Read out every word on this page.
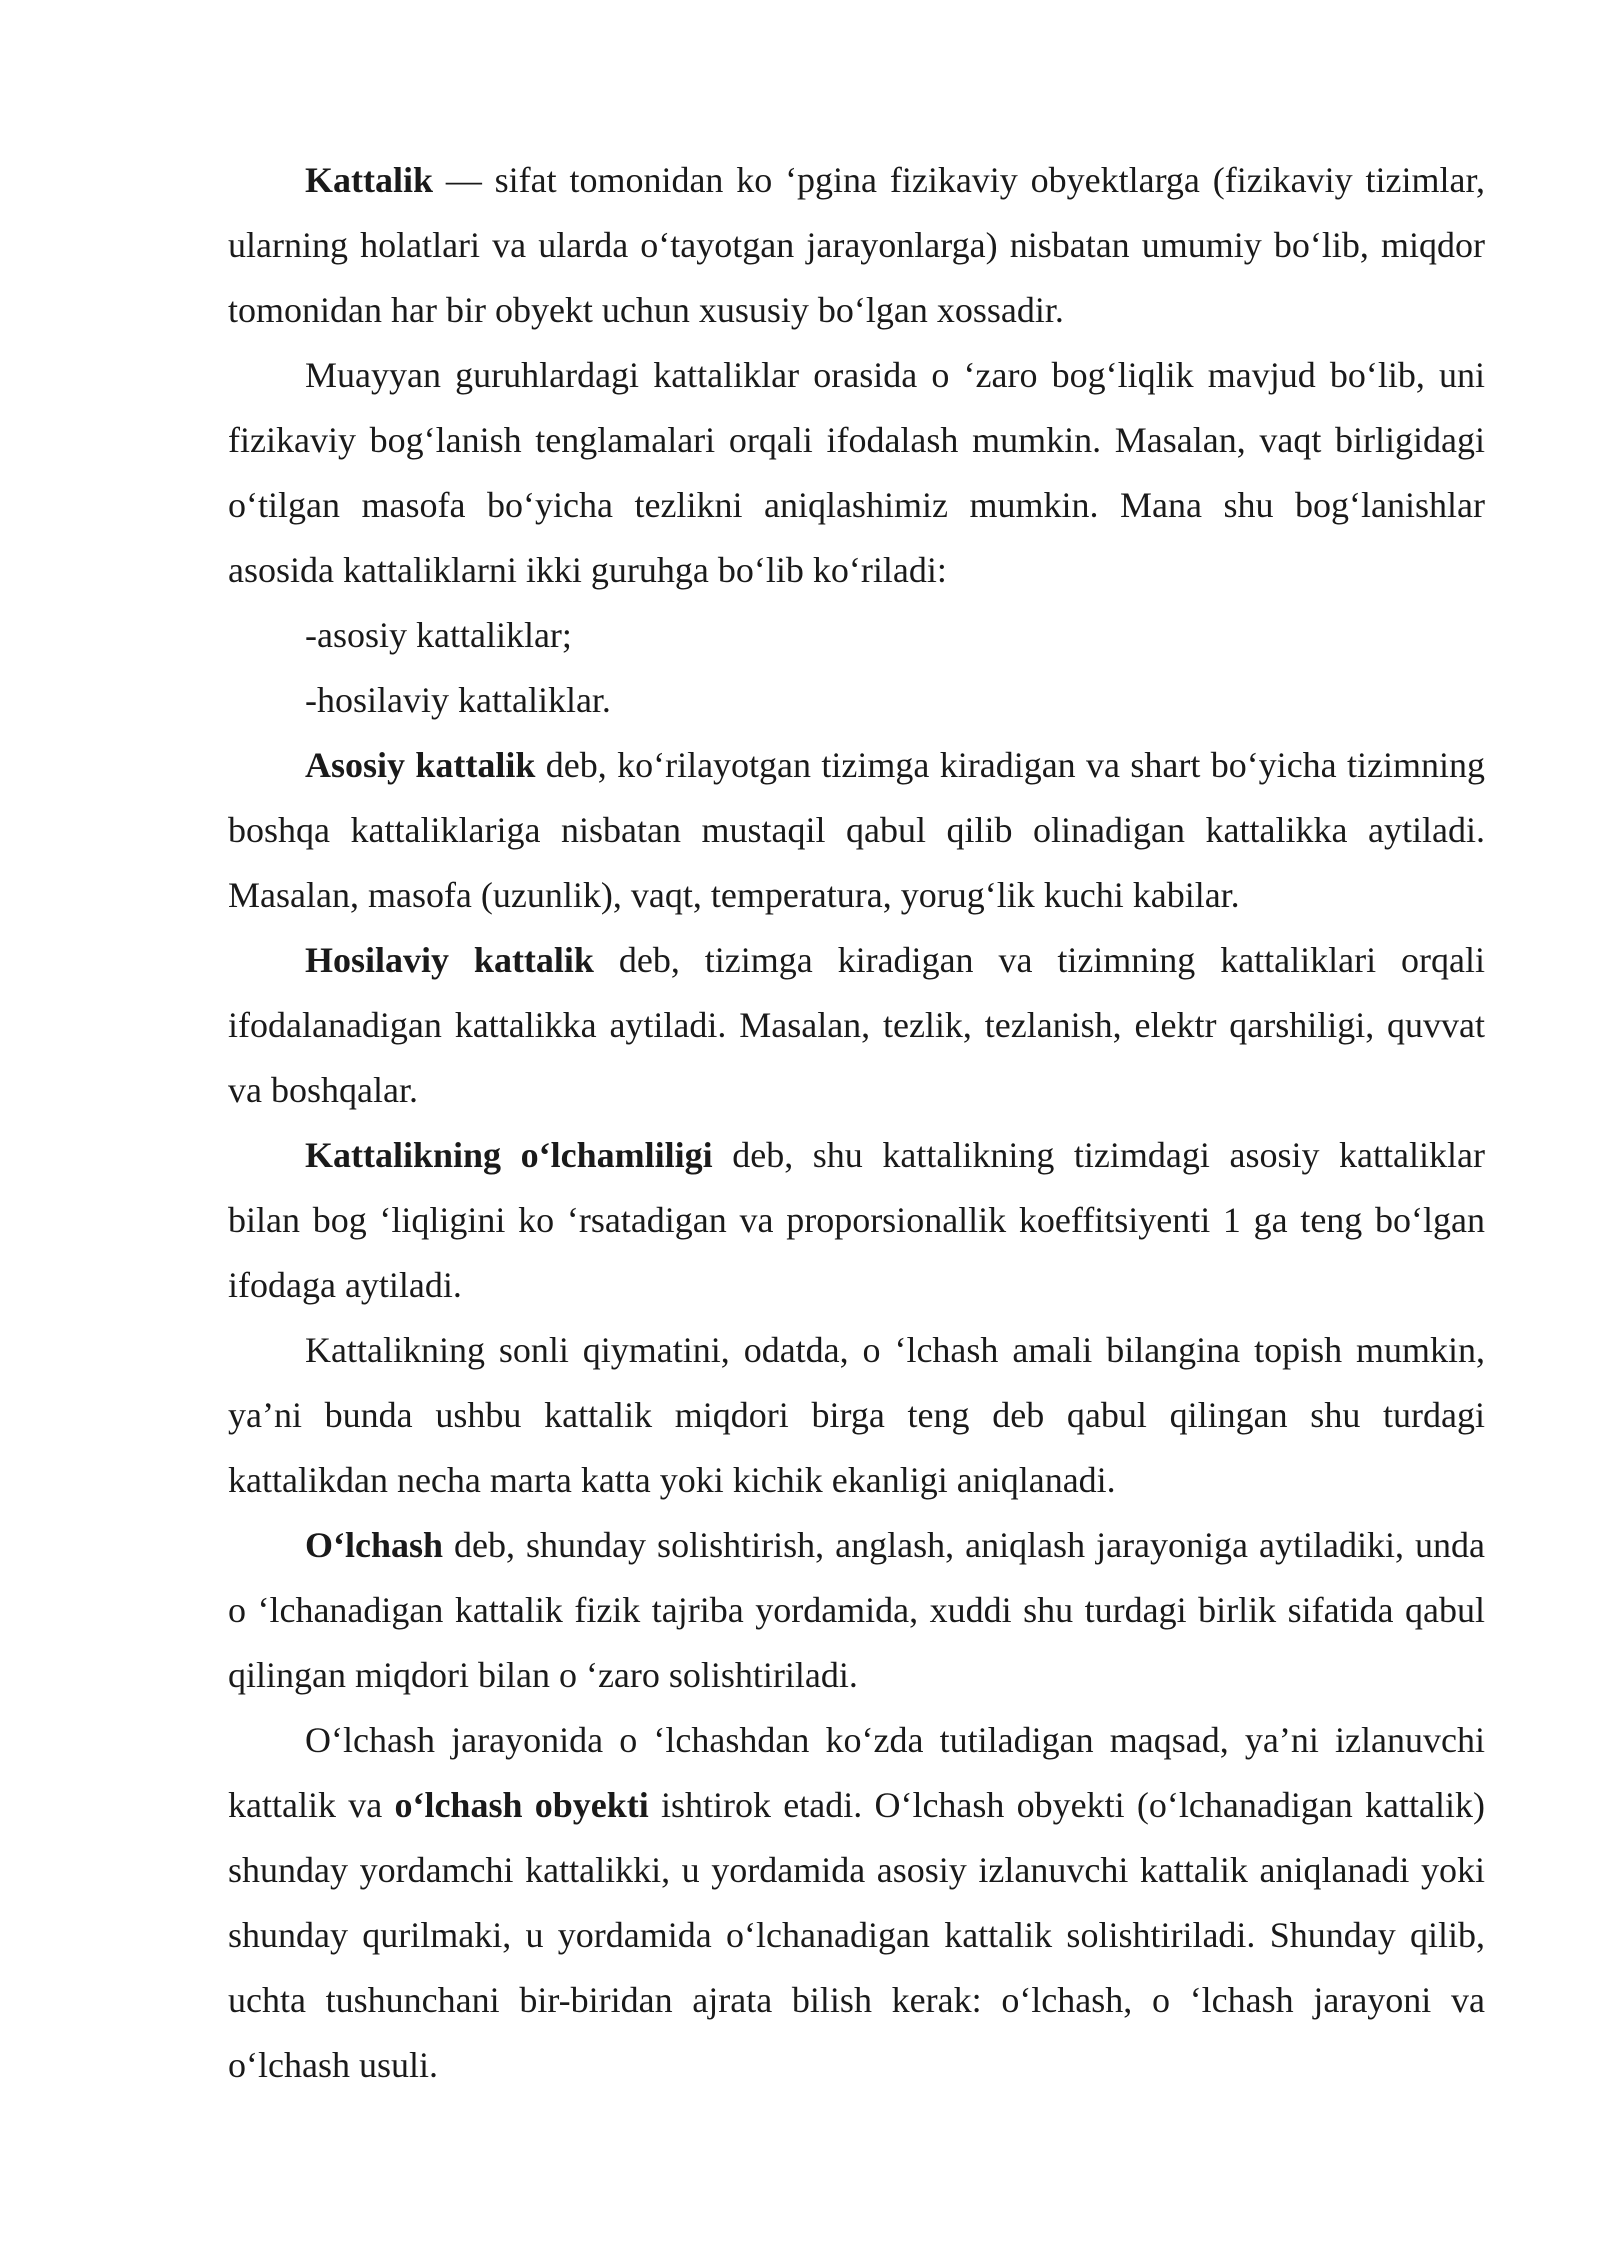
Kattalik — sifat tomonidan ko ‘pgina fizikaviy obyektlarga (fizikaviy tizimlar, ularning holatlari va ularda o‘tayotgan jarayonlarga) nisbatan umumiy bo‘lib, miqdor tomonidan har bir obyekt uchun xususiy bo‘lgan xossadir.

Muayyan guruhlardagi kattaliklar orasida o ‘zaro bog‘liqlik mavjud bo‘lib, uni fizikaviy bog‘lanish tenglamalari orqali ifodalash mumkin. Masalan, vaqt birligidagi o‘tilgan masofa bo‘yicha tezlikni aniqlashimiz mumkin. Mana shu bog‘lanishlar asosida kattaliklarni ikki guruhga bo‘lib ko‘riladi:

-asosiy kattaliklar;

-hosilaviy kattaliklar.

Asosiy kattalik deb, ko‘rilayotgan tizimga kiradigan va shart bo‘yicha tizimning boshqa kattaliklariga nisbatan mustaqil qabul qilib olinadigan kattalikka aytiladi. Masalan, masofa (uzunlik), vaqt, temperatura, yorug‘lik kuchi kabilar.

Hosilaviy kattalik deb, tizimga kiradigan va tizimning kattaliklari orqali ifodalanadigan kattalikka aytiladi. Masalan, tezlik, tezlanish, elektr qarshiligi, quvvat va boshqalar.

Kattalikning o‘lchamliligi deb, shu kattalikning tizimdagi asosiy kattaliklar bilan bog ‘liqligini ko ‘rsatadigan va proporsionallik koeffitsiyenti 1 ga teng bo‘lgan ifodaga aytiladi.

Kattalikning sonli qiymatini, odatda, o ‘lchash amali bilangina topish mumkin, ya’ni bunda ushbu kattalik miqdori birga teng deb qabul qilingan shu turdagi kattalikdan necha marta katta yoki kichik ekanligi aniqlanadi.

O‘lchash deb, shunday solishtirish, anglash, aniqlash jarayoniga aytiladiki, unda o ‘lchanadigan kattalik fizik tajriba yordamida, xuddi shu turdagi birlik sifatida qabul qilingan miqdori bilan o ‘zaro solishtiriladi.

O‘lchash jarayonida o ‘lchashdan ko‘zda tutiladigan maqsad, ya’ni izlanuvchi kattalik va o‘lchash obyekti ishtirok etadi. O‘lchash obyekti (o‘lchanadigan kattalik) shunday yordamchi kattalikki, u yordamida asosiy izlanuvchi kattalik aniqlanadi yoki shunday qurilmaki, u yordamida o‘lchanadigan kattalik solishtiriladi. Shunday qilib, uchta tushunchani bir-biridan ajrata bilish kerak: o‘lchash, o ‘lchash jarayoni va o‘lchash usuli.
